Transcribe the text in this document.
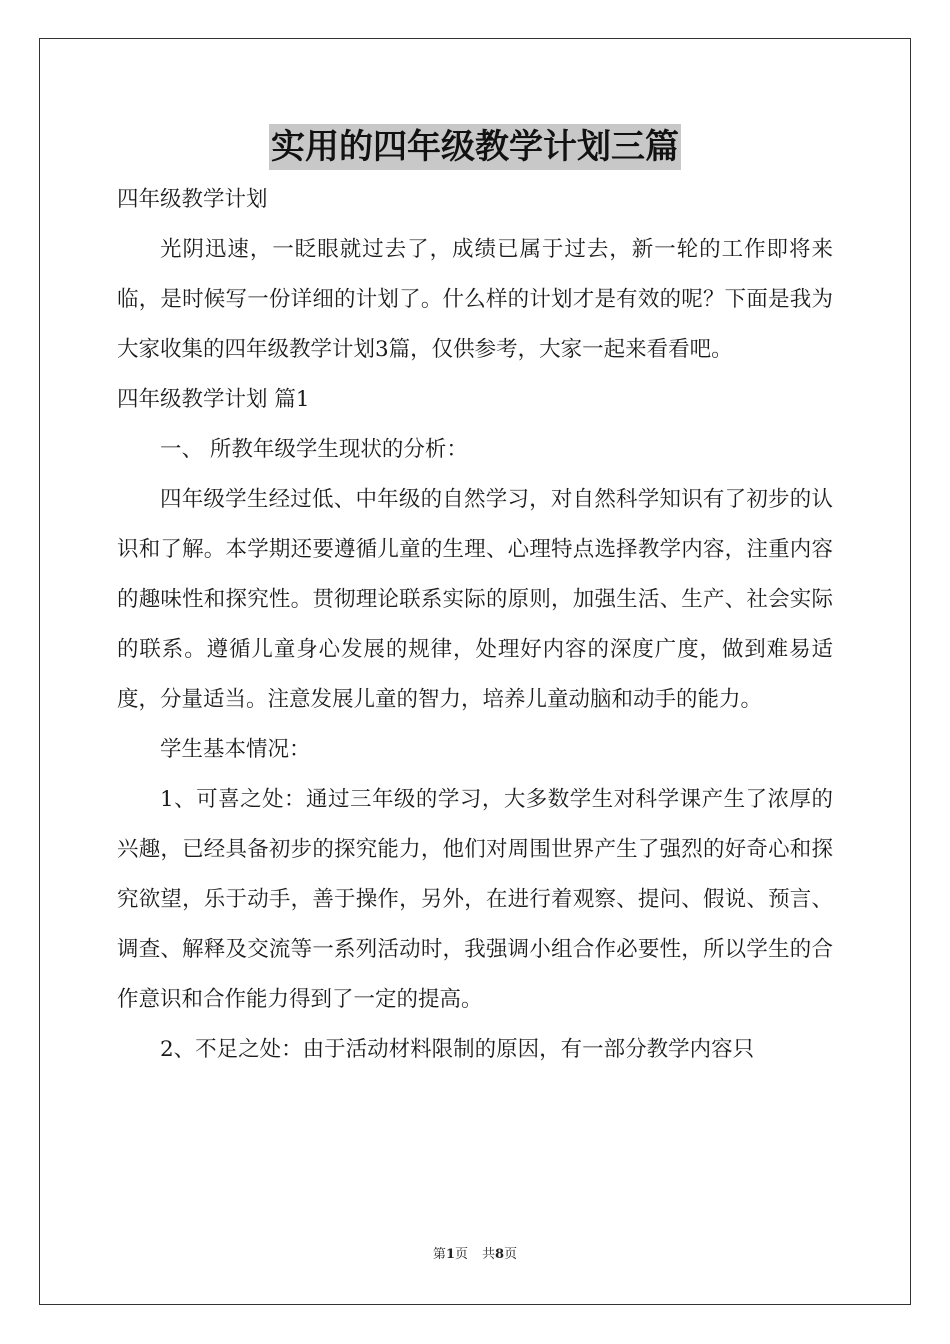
实用的四年级教学计划三篇

四年级教学计划

光阴迅速，一眨眼就过去了，成绩已属于过去，新一轮的工作即将来临，是时候写一份详细的计划了。什么样的计划才是有效的呢？下面是我为大家收集的四年级教学计划3篇，仅供参考，大家一起来看看吧。

四年级教学计划 篇1

一、 所教年级学生现状的分析：

四年级学生经过低、中年级的自然学习，对自然科学知识有了初步的认识和了解。本学期还要遵循儿童的生理、心理特点选择教学内容，注重内容的趣味性和探究性。贯彻理论联系实际的原则，加强生活、生产、社会实际的联系。遵循儿童身心发展的规律，处理好内容的深度广度，做到难易适度，分量适当。注意发展儿童的智力，培养儿童动脑和动手的能力。

学生基本情况：

1、可喜之处：通过三年级的学习，大多数学生对科学课产生了浓厚的兴趣，已经具备初步的探究能力，他们对周围世界产生了强烈的好奇心和探究欲望，乐于动手，善于操作，另外，在进行着观察、提问、假说、预言、调查、解释及交流等一系列活动时，我强调小组合作必要性，所以学生的合作意识和合作能力得到了一定的提高。

2、不足之处：由于活动材料限制的原因，有一部分教学内容只

第1页 共8页
